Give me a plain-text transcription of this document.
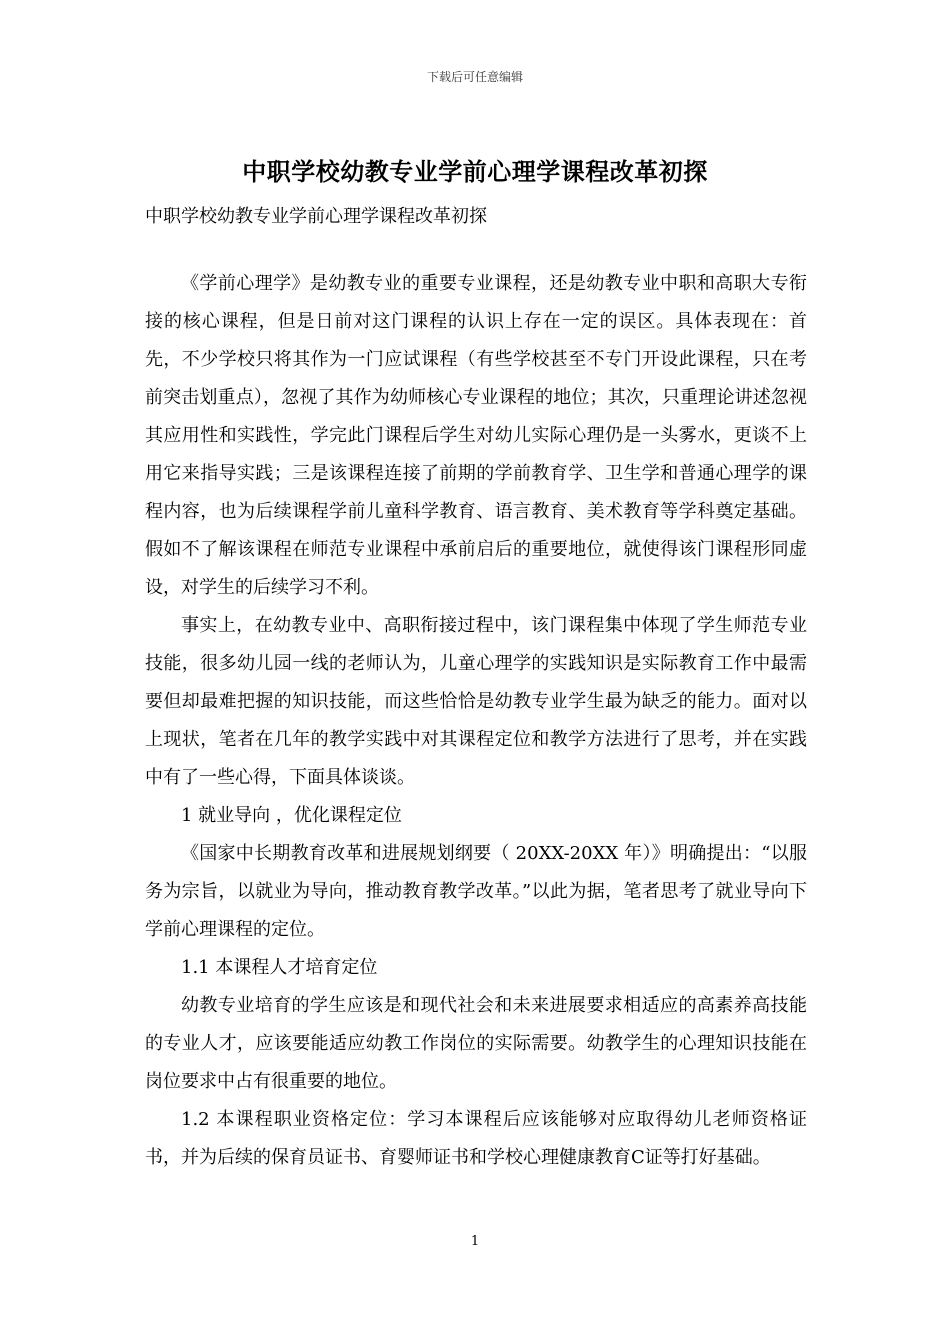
下载后可任意编辑
中职学校幼教专业学前心理学课程改革初探

中职学校幼教专业学前心理学课程改革初探

《学前心理学》是幼教专业的重要专业课程，还是幼教专业中职和高职大专衔接的核心课程，但是日前对这门课程的认识上存在一定的误区。具体表现在：首先，不少学校只将其作为一门应试课程（有些学校甚至不专门开设此课程，只在考前突击划重点），忽视了其作为幼师核心专业课程的地位；其次，只重理论讲述忽视其应用性和实践性，学完此门课程后学生对幼儿实际心理仍是一头雾水，更谈不上用它来指导实践；三是该课程连接了前期的学前教育学、卫生学和普通心理学的课程内容，也为后续课程学前儿童科学教育、语言教育、美术教育等学科奠定基础。假如不了解该课程在师范专业课程中承前启后的重要地位，就使得该门课程形同虚设，对学生的后续学习不利。

事实上，在幼教专业中、高职衔接过程中，该门课程集中体现了学生师范专业技能，很多幼儿园一线的老师认为，儿童心理学的实践知识是实际教育工作中最需要但却最难把握的知识技能，而这些恰恰是幼教专业学生最为缺乏的能力。面对以上现状，笔者在几年的教学实践中对其课程定位和教学方法进行了思考，并在实践中有了一些心得，下面具体谈谈。

1 就业导向 ，优化课程定位

《国家中长期教育改革和进展规划纲要（ 20XX-20XX 年）》明确提出：“以服务为宗旨，以就业为导向，推动教育教学改革。”以此为据，笔者思考了就业导向下学前心理课程的定位。

1.1 本课程人才培育定位

幼教专业培育的学生应该是和现代社会和未来进展要求相适应的高素养高技能的专业人才，应该要能适应幼教工作岗位的实际需要。幼教学生的心理知识技能在岗位要求中占有很重要的地位。

1.2 本课程职业资格定位：学习本课程后应该能够对应取得幼儿老师资格证书，并为后续的保育员证书、育婴师证书和学校心理健康教育C证等打好基础。

1
